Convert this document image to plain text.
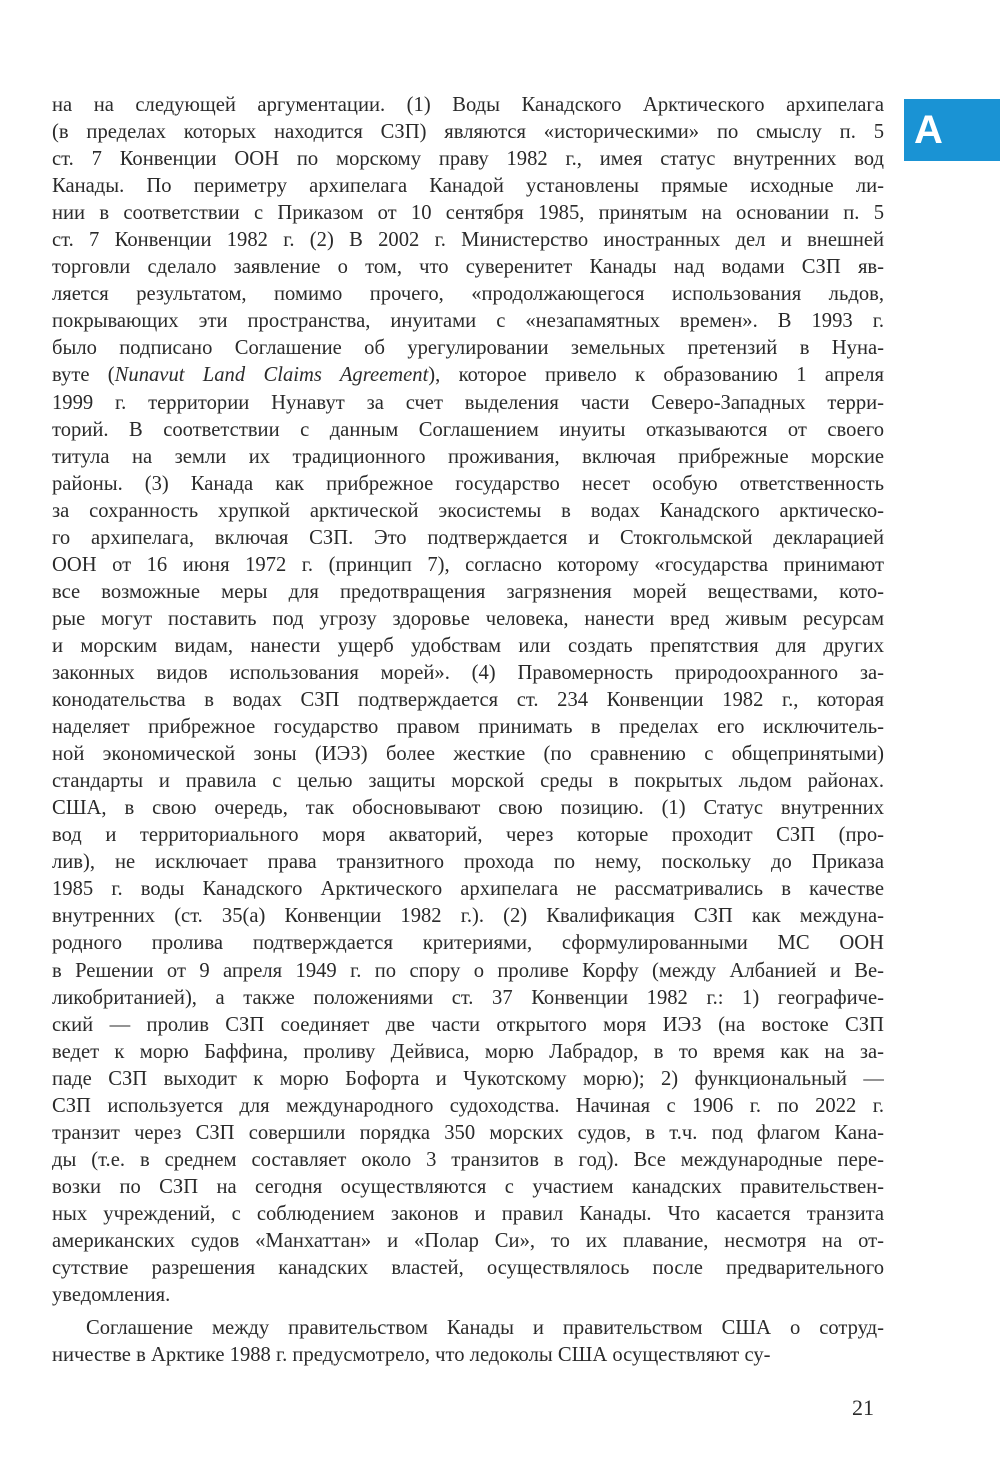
А
на на следующей аргументации. (1) Воды Канадского Арктического архипелага
(в пределах которых находится СЗП) являются «историческими» по смыслу п. 5
ст. 7 Конвенции ООН по морскому праву 1982 г., имея статус внутренних вод
Канады. По периметру архипелага Канадой установлены прямые исходные ли-
нии в соответствии с Приказом от 10 сентября 1985, принятым на основании п. 5
ст. 7 Конвенции 1982 г. (2) В 2002 г. Министерство иностранных дел и внешней
торговли сделало заявление о том, что суверенитет Канады над водами СЗП яв-
ляется результатом, помимо прочего, «продолжающегося использования льдов,
покрывающих эти пространства, инуитами с «незапамятных времен». В 1993 г.
было подписано Соглашение об урегулировании земельных претензий в Нуна-
вуте (Nunavut Land Claims Agreement), которое привело к образованию 1 апреля
1999 г. территории Нунавут за счет выделения части Северо-Западных терри-
торий. В соответствии с данным Соглашением инуиты отказываются от своего
титула на земли их традиционного проживания, включая прибрежные морские
районы. (3) Канада как прибрежное государство несет особую ответственность
за сохранность хрупкой арктической экосистемы в водах Канадского арктическо-
го архипелага, включая СЗП. Это подтверждается и Стокгольмской декларацией
ООН от 16 июня 1972 г. (принцип 7), согласно которому «государства принимают
все возможные меры для предотвращения загрязнения морей веществами, кото-
рые могут поставить под угрозу здоровье человека, нанести вред живым ресурсам
и морским видам, нанести ущерб удобствам или создать препятствия для других
законных видов использования морей». (4) Правомерность природоохранного за-
конодательства в водах СЗП подтверждается ст. 234 Конвенции 1982 г., которая
наделяет прибрежное государство правом принимать в пределах его исключитель-
ной экономической зоны (ИЭЗ) более жесткие (по сравнению с общепринятыми)
стандарты и правила с целью защиты морской среды в покрытых льдом районах.
США, в свою очередь, так обосновывают свою позицию. (1) Статус внутренних
вод и территориального моря акваторий, через которые проходит СЗП (про-
лив), не исключает права транзитного прохода по нему, поскольку до Приказа
1985 г. воды Канадского Арктического архипелага не рассматривались в качестве
внутренних (ст. 35(а) Конвенции 1982 г.). (2) Квалификация СЗП как междуна-
родного пролива подтверждается критериями, сформулированными МС ООН
в Решении от 9 апреля 1949 г. по спору о проливе Корфу (между Албанией и Ве-
ликобританией), а также положениями ст. 37 Конвенции 1982 г.: 1) географиче-
ский — пролив СЗП соединяет две части открытого моря ИЭЗ (на востоке СЗП
ведет к морю Баффина, проливу Дейвиса, морю Лабрадор, в то время как на за-
паде СЗП выходит к морю Бофорта и Чукотскому морю); 2) функциональный —
СЗП используется для международного судоходства. Начиная с 1906 г. по 2022 г.
транзит через СЗП совершили порядка 350 морских судов, в т.ч. под флагом Кана-
ды (т.е. в среднем составляет около 3 транзитов в год). Все международные пере-
возки по СЗП на сегодня осуществляются с участием канадских правительствен-
ных учреждений, с соблюдением законов и правил Канады. Что касается транзита
американских судов «Манхаттан» и «Полар Си», то их плавание, несмотря на от-
сутствие разрешения канадских властей, осуществлялось после предварительного
уведомления.
Соглашение между правительством Канады и правительством США о сотруд-
ничестве в Арктике 1988 г. предусмотрело, что ледоколы США осуществляют су-
21
